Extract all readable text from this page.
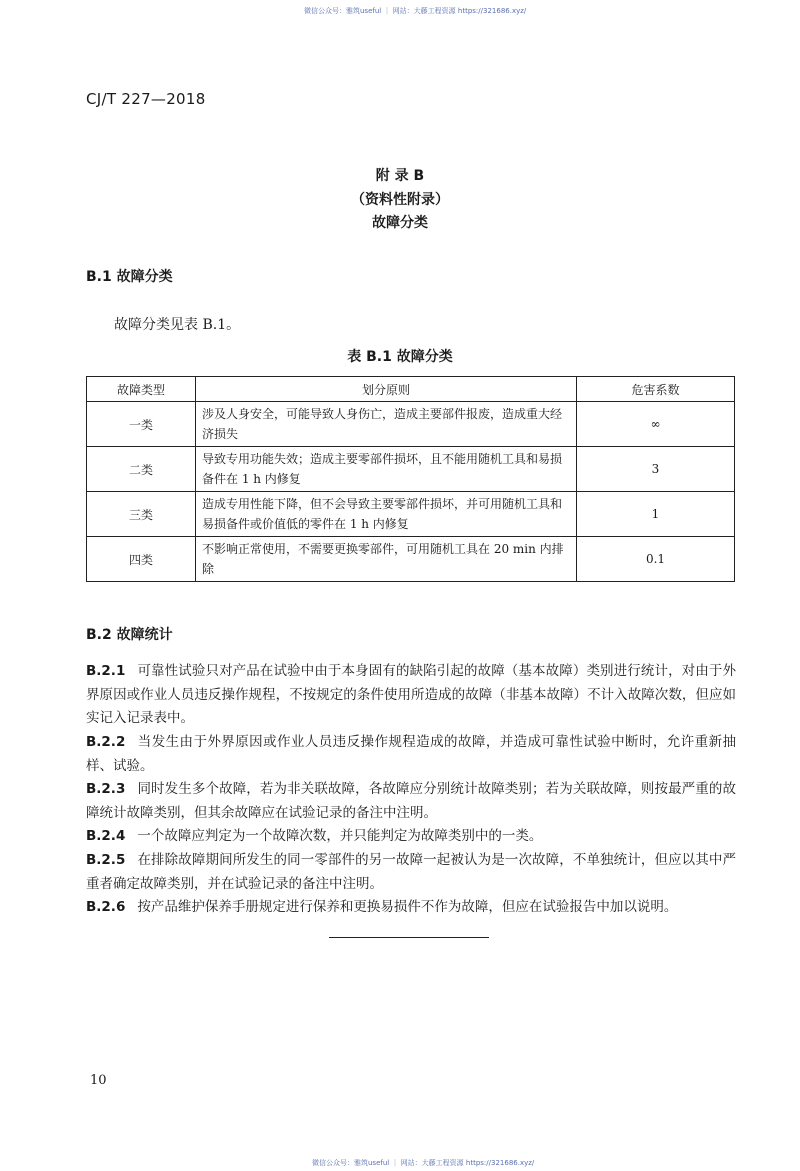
微信公众号：雅筑useful ｜ 网站：大藤工程资源 https://321686.xyz/
CJ/T 227—2018
附 录 B
（资料性附录）
故障分类
B.1 故障分类
故障分类见表 B.1。
表 B.1 故障分类
故障类型	划分原则	危害系数
一类	涉及人身安全，可能导致人身伤亡，造成主要部件报废，造成重大经济损失	∞
二类	导致专用功能失效；造成主要零部件损坏，且不能用随机工具和易损备件在 1 h 内修复	3
三类	造成专用性能下降，但不会导致主要零部件损坏，并可用随机工具和易损备件或价值低的零件在 1 h 内修复	1
四类	不影响正常使用，不需要更换零部件，可用随机工具在 20 min 内排除	0.1
B.2 故障统计
B.2.1 可靠性试验只对产品在试验中由于本身固有的缺陷引起的故障（基本故障）类别进行统计，对由于外界原因或作业人员违反操作规程，不按规定的条件使用所造成的故障（非基本故障）不计入故障次数，但应如实记入记录表中。
B.2.2 当发生由于外界原因或作业人员违反操作规程造成的故障，并造成可靠性试验中断时，允许重新抽样、试验。
B.2.3 同时发生多个故障，若为非关联故障，各故障应分别统计故障类别；若为关联故障，则按最严重的故障统计故障类别，但其余故障应在试验记录的备注中注明。
B.2.4 一个故障应判定为一个故障次数，并只能判定为故障类别中的一类。
B.2.5 在排除故障期间所发生的同一零部件的另一故障一起被认为是一次故障，不单独统计，但应以其中严重者确定故障类别，并在试验记录的备注中注明。
B.2.6 按产品维护保养手册规定进行保养和更换易损件不作为故障，但应在试验报告中加以说明。
10
微信公众号：雅筑useful ｜ 网站：大藤工程资源 https://321686.xyz/
